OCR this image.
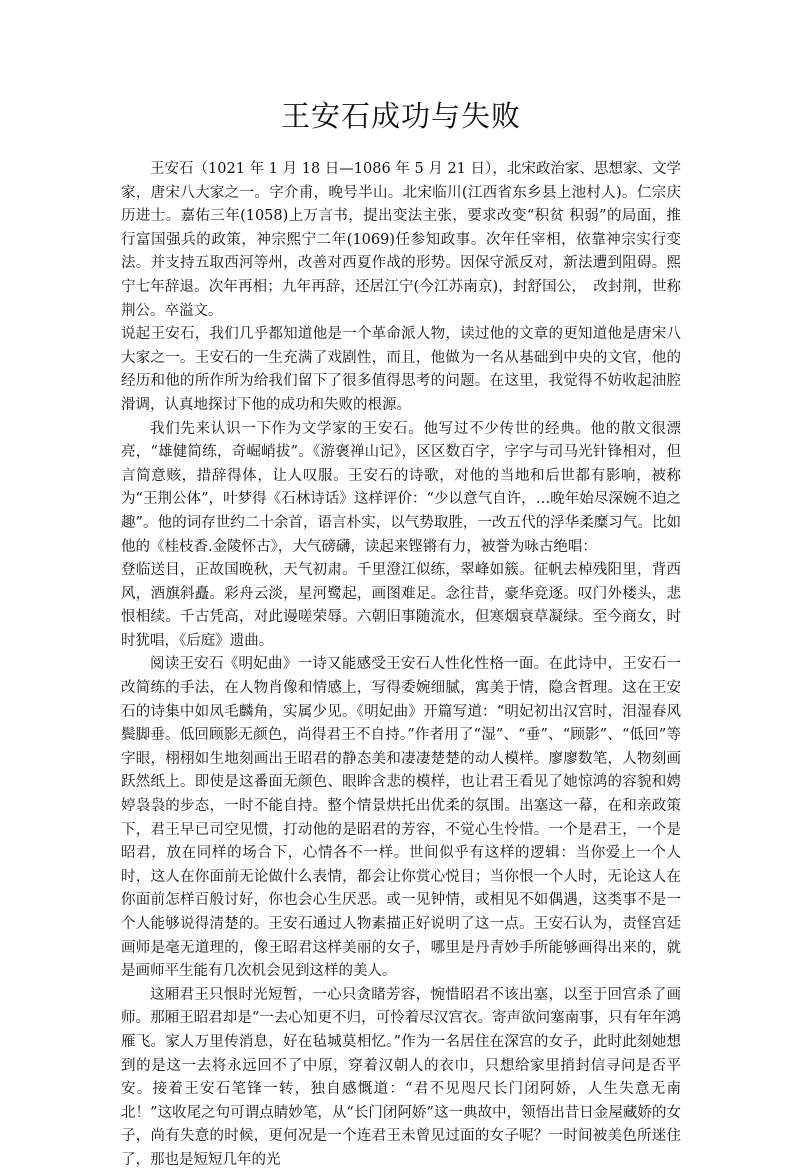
王安石成功与失败

王安石（1021 年 1 月 18 日—1086 年 5 月 21 日），北宋政治家、思想家、文学家，唐宋八大家之一。字介甫，晚号半山。北宋临川(江西省东乡县上池村人)。仁宗庆历进士。嘉佑三年(1058)上万言书，提出变法主张，要求改变“积贫 积弱”的局面，推行富国强兵的政策，神宗熙宁二年(1069)任参知政事。次年任宰相，依靠神宗实行变法。并支持五取西河等州，改善对西夏作战的形势。因保守派反对，新法遭到阻碍。熙宁七年辞退。次年再相；九年再辞，还居江宁(今江苏南京)，封舒国公，　改封荆，世称荆公。卒溢文。

说起王安石，我们几乎都知道他是一个革命派人物，读过他的文章的更知道他是唐宋八大家之一。王安石的一生充满了戏剧性，而且，他做为一名从基础到中央的文官，他的经历和他的所作所为给我们留下了很多值得思考的问题。在这里，我觉得不妨收起油腔滑调，认真地探讨下他的成功和失败的根源。

我们先来认识一下作为文学家的王安石。他写过不少传世的经典。他的散文很漂亮，“雄健简练，奇崛峭拔”。《游褒禅山记》，区区数百字，字字与司马光针锋相对，但言简意赅，措辞得体，让人叹服。王安石的诗歌，对他的当地和后世都有影响，被称为“王荆公体”，叶梦得《石林诗话》这样评价：“少以意气自许，…晚年始尽深婉不迫之趣”。他的词存世约二十余首，语言朴实，以气势取胜，一改五代的浮华柔糜习气。比如他的《桂枝香.金陵怀古》，大气磅礴，读起来铿锵有力，被誉为咏古绝唱：

登临送目，正故国晚秋，天气初肃。千里澄江似练，翠峰如簇。征帆去棹残阳里，背西风，酒旗斜矗。彩舟云淡，星河鹭起，画图难足。念往昔，豪华竞逐。叹门外楼头，悲恨相续。千古凭高，对此谩嗟荣辱。六朝旧事随流水，但寒烟衰草凝绿。至今商女，时时犹唱，《后庭》遗曲。

阅读王安石《明妃曲》一诗又能感受王安石人性化性格一面。在此诗中，王安石一改简练的手法，在人物肖像和情感上，写得委婉细腻，寓美于情，隐含哲理。这在王安石的诗集中如凤毛麟角，实属少见。《明妃曲》开篇写道：“明妃初出汉宫时，泪湿春风鬓脚垂。低回顾影无颜色，尚得君王不自持。”作者用了“湿”、“垂”、“顾影”、“低回”等字眼，栩栩如生地刻画出王昭君的静态美和凄凄楚楚的动人模样。廖廖数笔，人物刻画跃然纸上。即使是这番面无颜色、眼眸含悲的模样，也让君王看见了她惊鸿的容貌和娉婷袅袅的步态，一时不能自持。整个情景烘托出优柔的氛围。出塞这一幕，在和亲政策下，君王早已司空见惯，打动他的是昭君的芳容，不觉心生怜惜。一个是君王，一个是昭君，放在同样的场合下，心情各不一样。世间似乎有这样的逻辑：当你爱上一个人时，这人在你面前无论做什么表情，都会让你赏心悦目；当你恨一个人时，无论这人在你面前怎样百般讨好，你也会心生厌恶。或一见钟情，或相见不如偶遇，这类事不是一个人能够说得清楚的。王安石通过人物素描正好说明了这一点。王安石认为，责怪宫廷画师是毫无道理的，像王昭君这样美丽的女子，哪里是丹青妙手所能够画得出来的，就是画师平生能有几次机会见到这样的美人。

这厢君王只恨时光短暂，一心只贪睹芳容，惋惜昭君不该出塞，以至于回宫杀了画师。那厢王昭君却是“一去心知更不归，可怜着尽汉宫衣。寄声欲问塞南事，只有年年鸿雁飞。家人万里传消息，好在毡城莫相忆。”作为一名居住在深宫的女子，此时此刻她想到的是这一去将永远回不了中原，穿着汉朝人的衣巾，只想给家里捎封信寻问是否平安。接着王安石笔锋一转，独自感慨道：“君不见咫尺长门闭阿娇，人生失意无南北！”这收尾之句可谓点睛妙笔，从“长门闭阿娇”这一典故中，领悟出昔日金屋藏娇的女子，尚有失意的时候，更何况是一个连君王未曾见过面的女子呢？一时间被美色所迷住了，那也是短短几年的光
